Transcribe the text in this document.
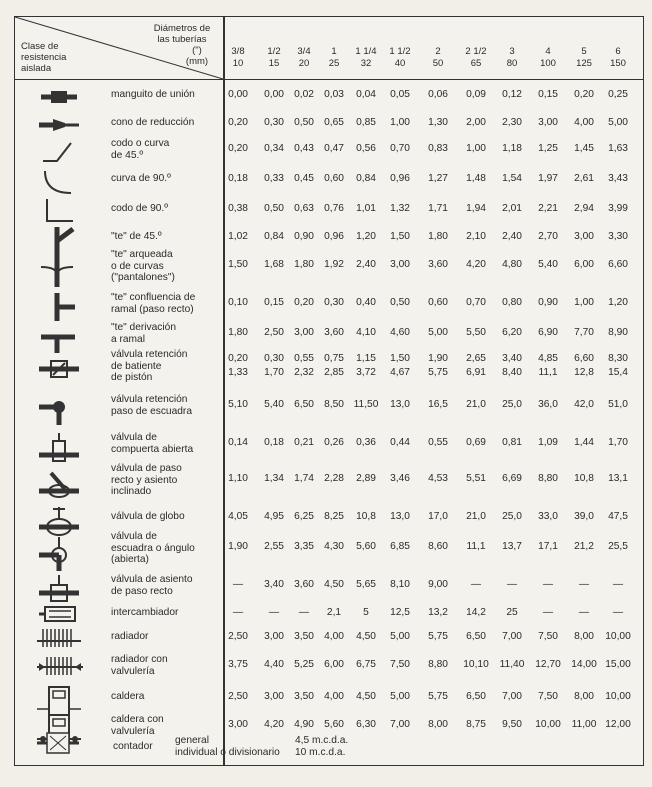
Clase de
resistencia
aislada
Diámetros de
las tuberías
(")
(mm)
3/8
10
1/2
15
3/4
20
1
25
1 1/4
32
1 1/2
40
2
50
2 1/2
65
3
80
4
100
5
125
6
150
manguito de unión	0,00	0,00 0,02 0,03	0,04	0,05	0,06	0,09	0,12	0,15	0,20	0,25
cono de reducción	0,20	0,30 0,50 0,65	0,85	1,00	1,30	2,00	2,30	3,00	4,00	5,00
codo o curva
de 45.º
0,20	0,34 0,43 0,47	0,56	0,70	0,83	1,00	1,18	1,25	1,45	1,63
curva de 90.º	0,18	0,33 0,45 0,60	0,84	0,96	1,27	1,48	1,54	1,97	2,61	3,43
codo de 90.º	0,38	0,50 0,63 0,76	1,01	1,32	1,71	1,94	2,01	2,21	2,94	3,99
"te" de 45.º	1,02	0,84 0,90 0,96	1,20	1,50	1,80	2,10	2,40	2,70	3,00	3,30
"te" arqueada
o de curvas
("pantalones")
1,50	1,68 1,80 1,92	2,40	3,00	3,60	4,20	4,80	5,40	6,00	6,60
"te" confluencia de
ramal (paso recto)
0,10	0,15 0,20 0,30	0,40	0,50	0,60	0,70	0,80	0,90	1,00	1,20
"te" derivación
a ramal
1,80	2,50 3,00 3,60	4,10	4,60	5,00	5,50	6,20	6,90	7,70	8,90
válvula retención
de batiente
de pistón
0,20	0,30 0,55 0,75	1,15	1,50	1,90	2,65	3,40	4,85	6,60	8,30
1,33	1,70 2,32 2,85	3,72	4,67	5,75	6,91	8,40	11,1	12,8	15,4
válvula retención
paso de escuadra
5,10	5,40 6,50 8,50 11,50	13,0	16,5	21,0	25,0	36,0	42,0	51,0
válvula de
compuerta abierta
0,14	0,18 0,21 0,26	0,36	0,44	0,55	0,69	0,81	1,09	1,44	1,70
válvula de paso
recto y asiento
inclinado
1,10	1,34 1,74 2,28	2,89	3,46	4,53	5,51	6,69	8,80	10,8	13,1
válvula de globo	4,05	4,95 6,25 8,25	10,8	13,0	17,0	21,0	25,0	33,0	39,0	47,5
válvula de
escuadra o ángulo
(abierta)
1,90	2,55 3,35 4,30	5,60	6,85	8,60	11,1	13,7	17,1	21,2	25,5
válvula de asiento
de paso recto
—	3,40 3,60 4,50	5,65	8,10	9,00	—	—	—	—	—
intercambiador	—	—	—	2,1	5	12,5	13,2	14,2	25	—	—	—
radiador	2,50	3,00 3,50 4,00	4,50	5,00	5,75	6,50	7,00	7,50	8,00	10,00
radiador con
valvulería
3,75	4,40 5,25 6,00	6,75	7,50	8,80	10,10	11,40	12,70	14,00 15,00
caldera	2,50	3,00 3,50 4,00	4,50	5,00	5,75	6,50	7,00	7,50	8,00	10,00
caldera con
valvulería
3,00	4,20 4,90 5,60	6,30	7,00	8,00	8,75	9,50	10,00	11,00 12,00
contador
general	4,5 m.c.d.a.
individual o divisionario 10 m.c.d.a.
